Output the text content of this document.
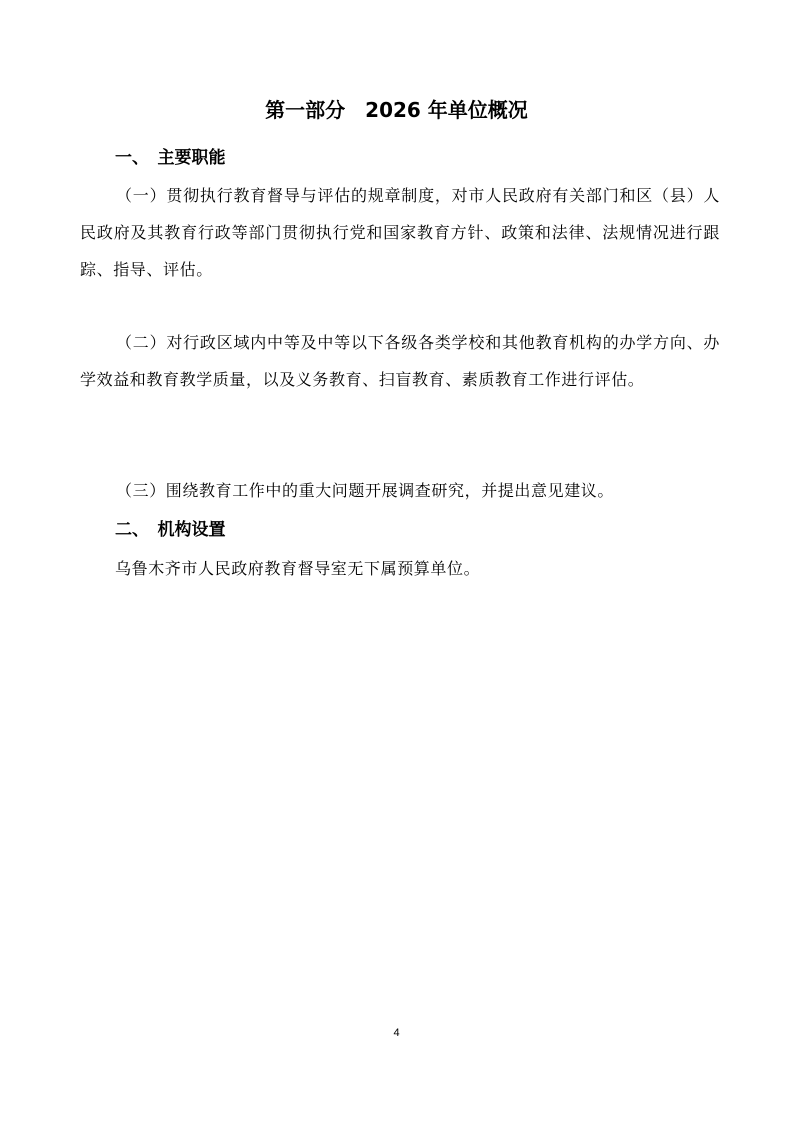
第一部分　2026 年单位概况
一、　主要职能

（一）贯彻执行教育督导与评估的规章制度，对市人民政府有关部门和区（县）人民政府及其教育行政等部门贯彻执行党和国家教育方针、政策和法律、法规情况进行跟踪、指导、评估。

（二）对行政区域内中等及中等以下各级各类学校和其他教育机构的办学方向、办学效益和教育教学质量，以及义务教育、扫盲教育、素质教育工作进行评估。

（三）围绕教育工作中的重大问题开展调查研究，并提出意见建议。

二、　机构设置

乌鲁木齐市人民政府教育督导室无下属预算单位。

4
